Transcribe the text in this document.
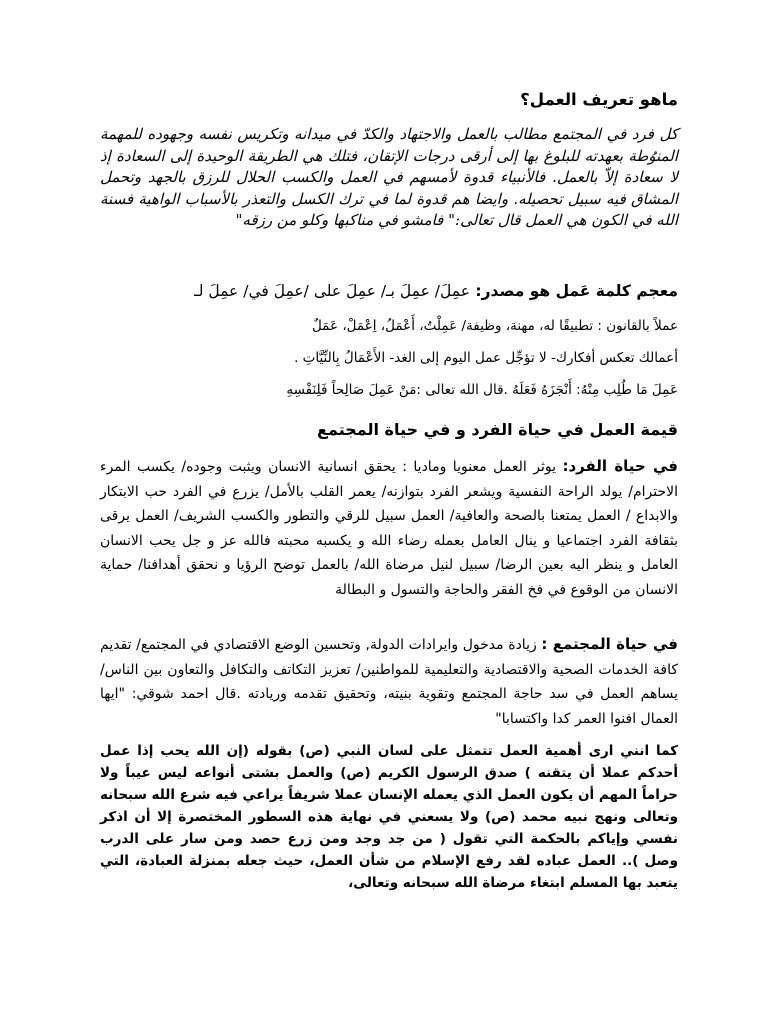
ماهو تعريف العمل؟
كل فرد في المجتمع مطالب بالعمل والاجتهاد والكدّ في ميدانه وتكريس نفسه وجهوده للمهمة المنوُطة بعهدته للبلوغ بها إلى أرقى درجات الإتقان، فتلك هي الطريقة الوحيدة إلى السعادة إذ لا سعادة إلاّ بالعمل. فالأنبياء قدوة لأمسهم في العمل والكسب الحلال للرزق بالجهد وتحمل المشاق فيه سبيل تحصيله. وايضا هم قدوة لما في ترك الكسل والتعذر بالأسباب الواهية فسنة الله في الكون هي العمل قال تعالى:" فامشو في مناكبها وكلو من رزقه"
معجم كلمة عَمل هو مصدر: عمِلَ/ عمِلَ بـ/ عمِلَ على /عمِلَ في/ عمِلَ لـ
عملاً بالقانون : تطبيقًا له، مهنة، وظيفة/ عَمِلْتُ، أَعْمَلُ، اِعْمَلْ، عَمَلٌ
أعمالك تعكس أفكارك- لا تؤجِّل عمل اليوم إلى الغد- الأَعْمَالُ بِالنِّيَّاتِ .
عَمِلَ مَا طُلِب مِنْهُ: أَنْجَزَهُ فَعَلَهُ .قال الله تعالى :مَنْ عَمِلَ صَالِحاً فَلِنَفْسِهِ
قيمة العمل في حياة الفرد و في حياة المجتمع
في حياة الفرد: يوثر العمل معنويا وماديا : يحقق انسانية الانسان ويثبت وجوده/ يكسب المرء الاحترام/ يولد الراحة النفسية ويشعر الفرد بتوازنه/ يعمر القلب بالأمل/ يزرع في الفرد حب الابتكار والابداع / العمل يمتعنا بالصحة والعافية/ العمل سبيل للرقي والتطور والكسب الشريف/ العمل يرقى بثقافة الفرد اجتماعيا و ينال العامل بعمله رضاء الله و يكسبه محبته فالله عز و جل يحب الانسان العامل و ينظر اليه بعين الرضا/ سبيل لنيل مرضاة الله/ بالعمل توضح الرؤيا و نحقق أهدافنا/ حماية الانسان من الوقوع في فخ الفقر والحاجة والتسول و البطالة
في حياة المجتمع : زيادة مدخول وايرادات الدولة, وتحسين الوضع الاقتصادي في المجتمع/ تقديم كافة الخدمات الصحية والاقتصادية والتعليمية للمواطنين/ تعزيز التكاتف والتكافل والتعاون بين الناس/ يساهم العمل في سد حاجة المجتمع وتقوية بنيته، وتحقيق تقدمه وريادته .قال احمد شوقي: "ايها العمال افنوا العمر كدا واكتسابا"
كما انني ارى أهمية العمل تتمثل على لسان النبي (ص) بقوله (إن الله يحب إذا عمل أحدكم عملا أن يتقنه ) صدق الرسول الكريم (ص) والعمل بشتى أنواعه ليس عيباً ولا حراماً المهم أن يكون العمل الذي يعمله الإنسان عملا شريفاً يراعي فيه شرع الله سبحانه وتعالى ونهج نبيه محمد (ص) ولا يسعني في نهاية هذه السطور المختصرة إلا أن اذكر نفسي وإياكم بالحكمة التي تقول ( من جد وجد ومن زرع حصد ومن سار على الدرب وصل ).. العمل عباده لقد رفع الإسلام من شأن العمل، حيث جعله بمنزلة العبادة، التي يتعبد بها المسلم ابتغاء مرضاة الله سبحانه وتعالى،
